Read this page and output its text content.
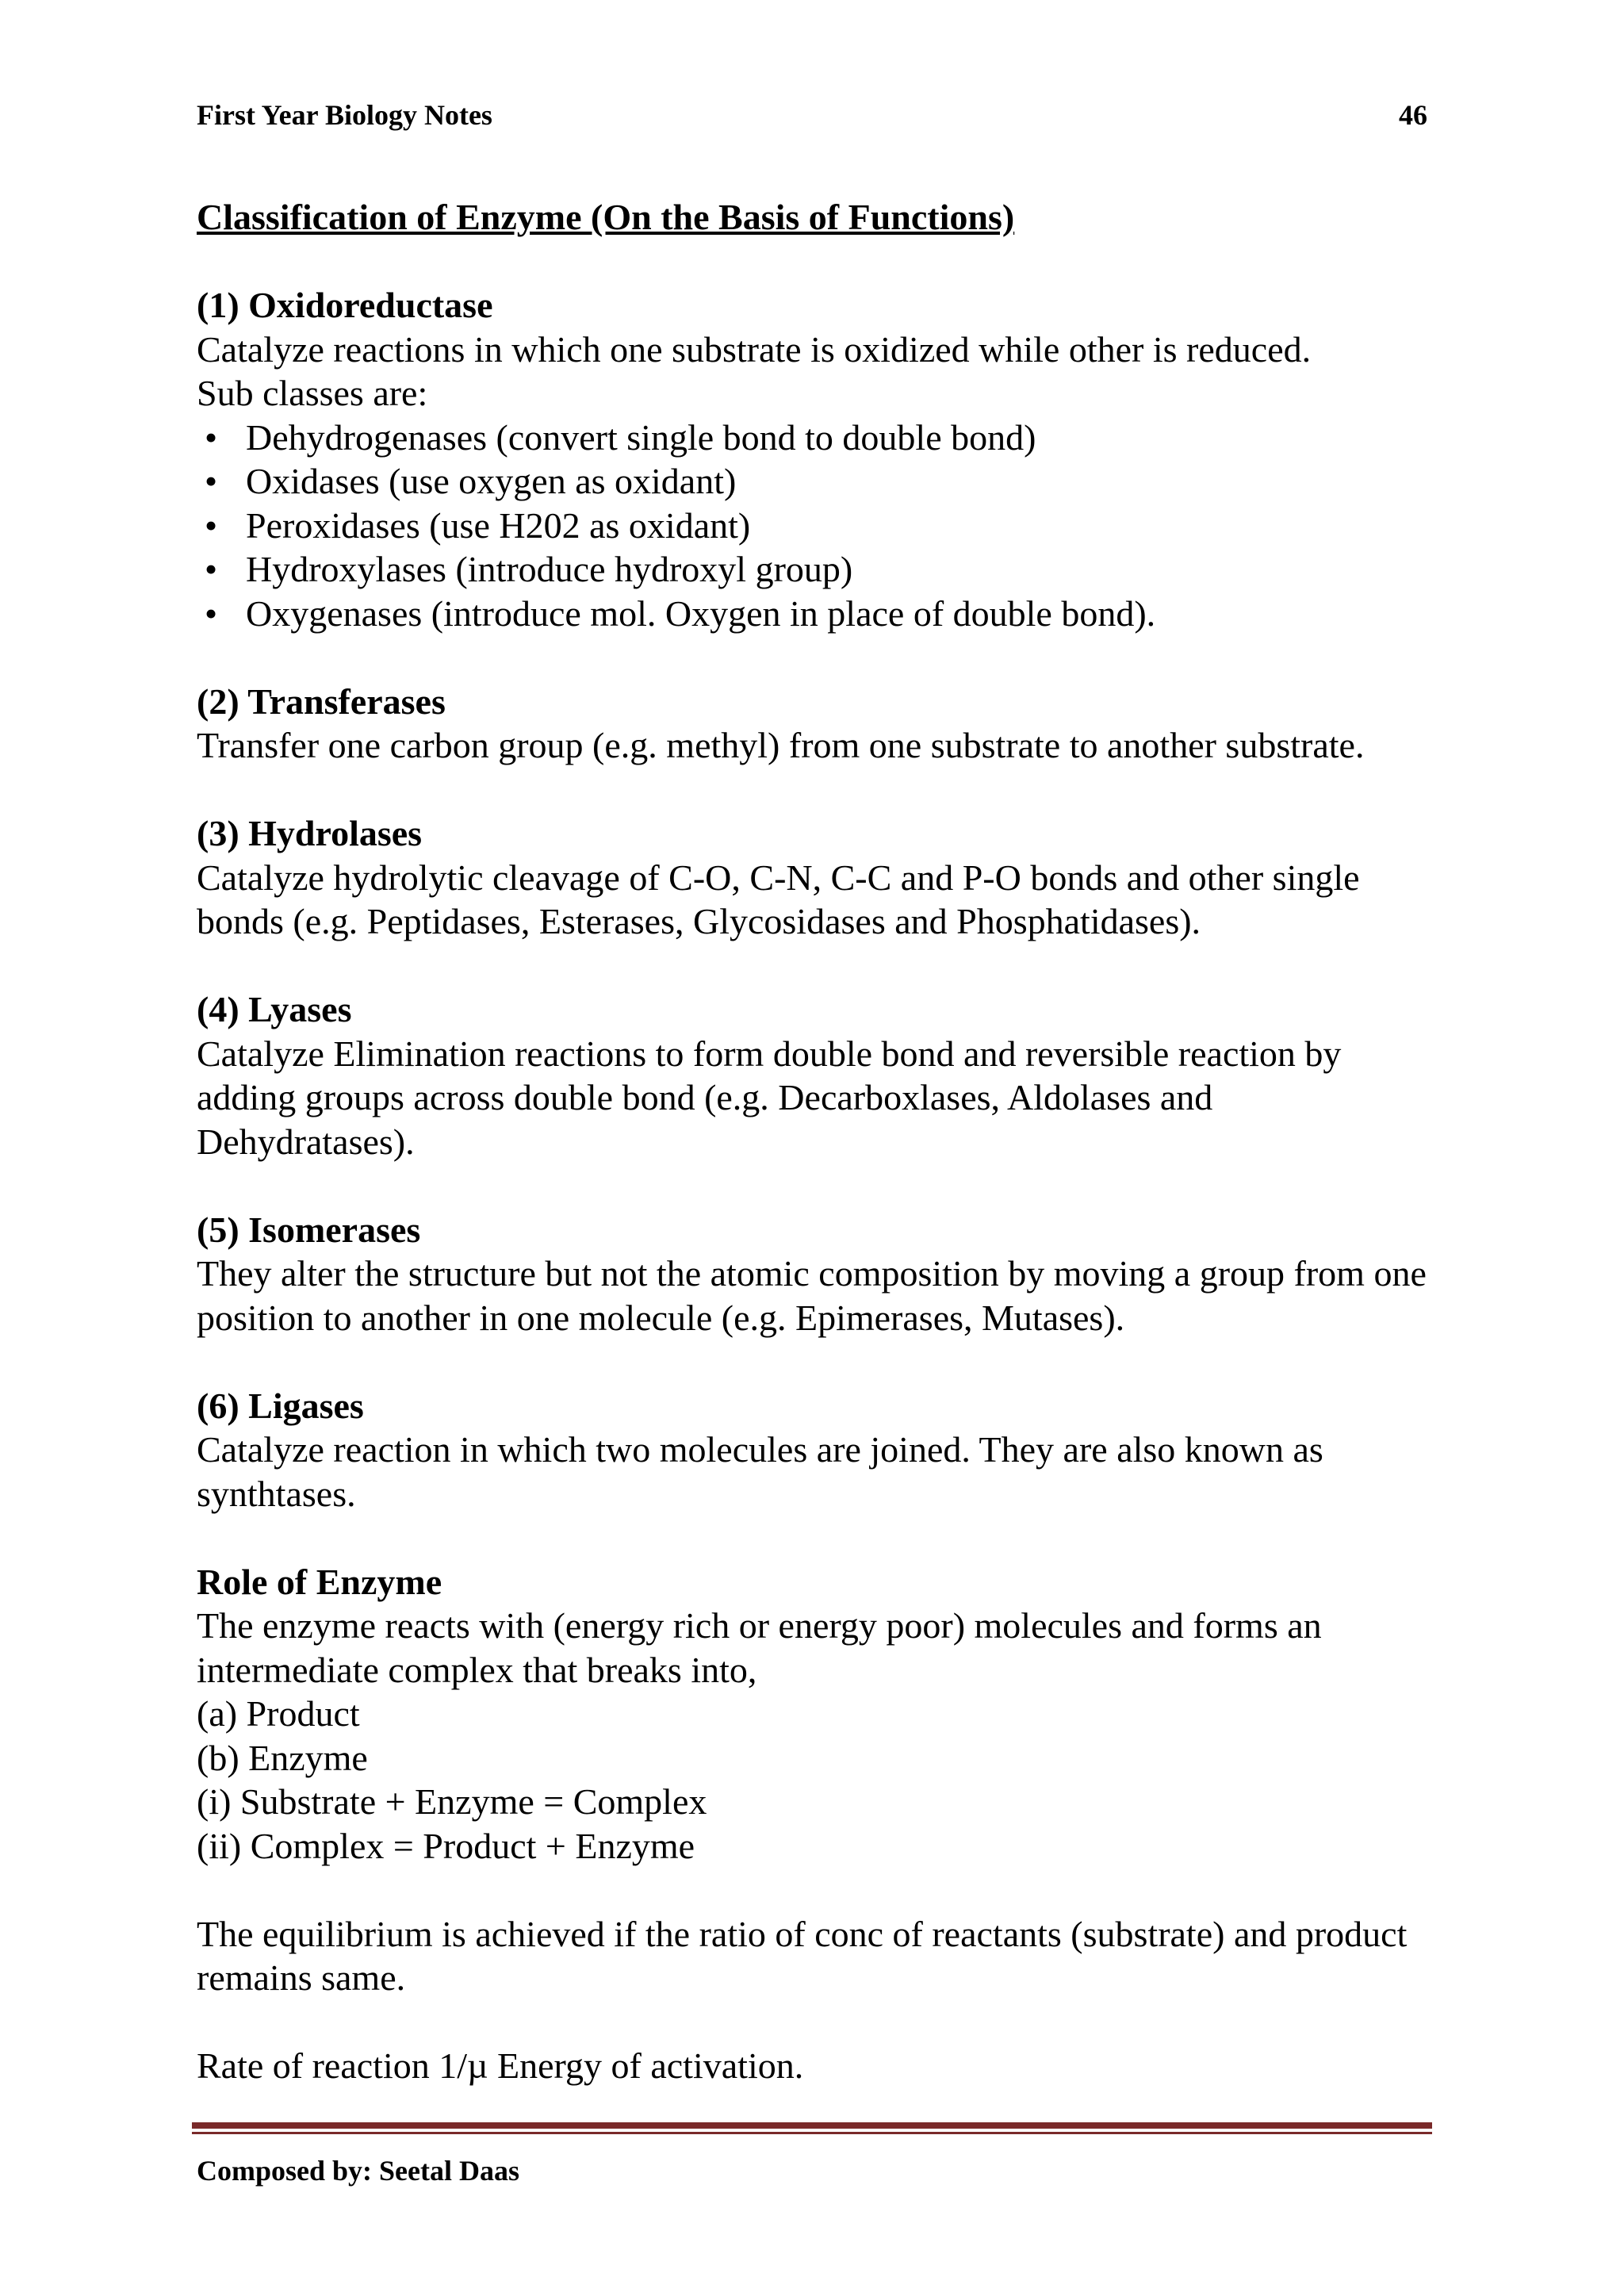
First Year Biology Notes	46

Classification of Enzyme (On the Basis of Functions)

(1) Oxidoreductase

Catalyze reactions in which one substrate is oxidized while other is reduced.

Sub classes are:

• Dehydrogenases (convert single bond to double bond)
• Oxidases (use oxygen as oxidant)
• Peroxidases (use H202 as oxidant)
• Hydroxylases (introduce hydroxyl group)
• Oxygenases (introduce mol. Oxygen in place of double bond).

(2) Transferases

Transfer one carbon group (e.g. methyl) from one substrate to another substrate.

(3) Hydrolases

Catalyze hydrolytic cleavage of C-O, C-N, C-C and P-O bonds and other single bonds (e.g. Peptidases, Esterases, Glycosidases and Phosphatidases).

(4) Lyases

Catalyze Elimination reactions to form double bond and reversible reaction by adding groups across double bond (e.g. Decarboxlases, Aldolases and Dehydratases).

(5) Isomerases

They alter the structure but not the atomic composition by moving a group from one position to another in one molecule (e.g. Epimerases, Mutases).

(6) Ligases

Catalyze reaction in which two molecules are joined. They are also known as synthtases.

Role of Enzyme

The enzyme reacts with (energy rich or energy poor) molecules and forms an intermediate complex that breaks into,

(a) Product

(b) Enzyme

(i) Substrate + Enzyme = Complex

(ii) Complex = Product + Enzyme

The equilibrium is achieved if the ratio of conc of reactants (substrate) and product remains same.

Rate of reaction 1/µ Energy of activation.

Composed by: Seetal Daas
